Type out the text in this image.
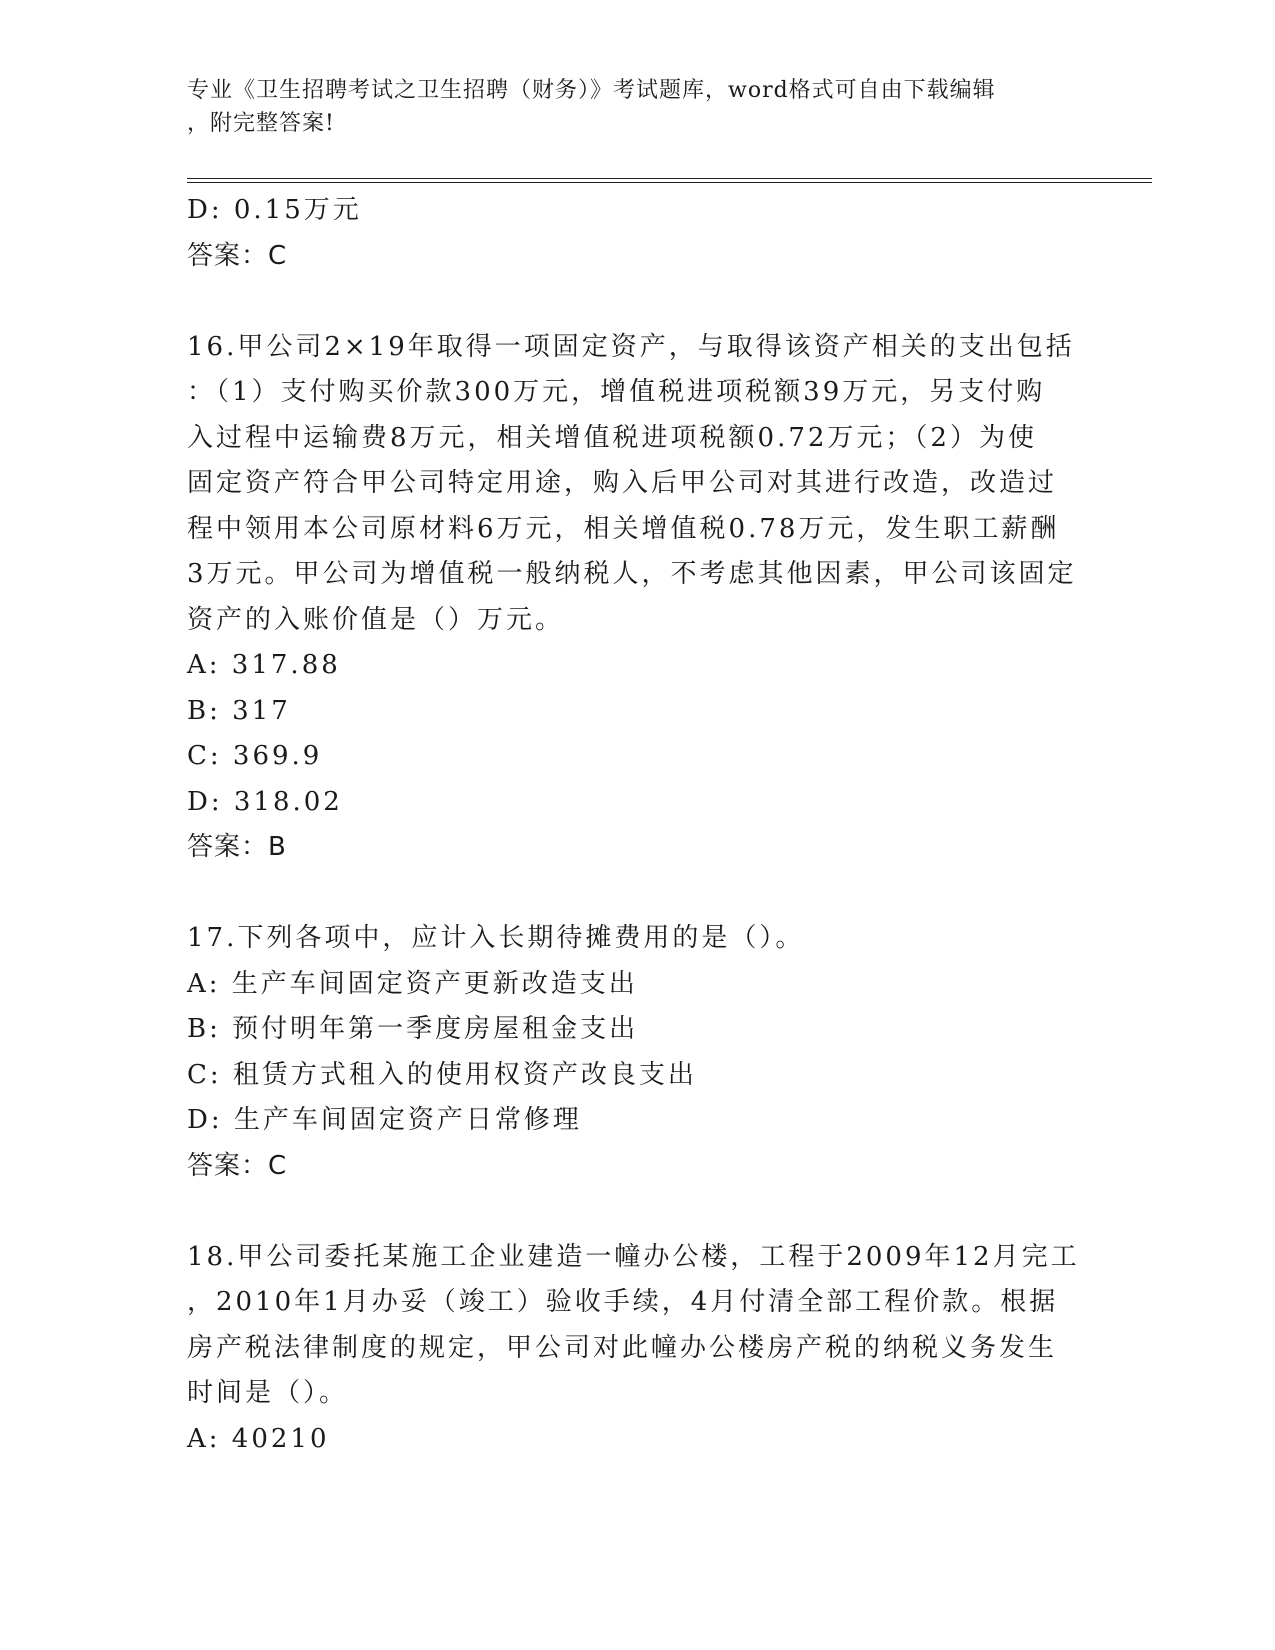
专业《卫生招聘考试之卫生招聘（财务）》考试题库，word格式可自由下载编辑
，附完整答案!
D: 0.15万元
答案：C
16.甲公司2×19年取得一项固定资产，与取得该资产相关的支出包括
：（1）支付购买价款300万元，增值税进项税额39万元，另支付购
入过程中运输费8万元，相关增值税进项税额0.72万元；（2）为使
固定资产符合甲公司特定用途，购入后甲公司对其进行改造，改造过
程中领用本公司原材料6万元，相关增值税0.78万元，发生职工薪酬
3万元。甲公司为增值税一般纳税人，不考虑其他因素，甲公司该固定
资产的入账价值是（）万元。
A: 317.88
B: 317
C: 369.9
D: 318.02
答案：B
17.下列各项中，应计入长期待摊费用的是（）。
A: 生产车间固定资产更新改造支出
B: 预付明年第一季度房屋租金支出
C: 租赁方式租入的使用权资产改良支出
D: 生产车间固定资产日常修理
答案：C
18.甲公司委托某施工企业建造一幢办公楼，工程于2009年12月完工
，2010年1月办妥（竣工）验收手续，4月付清全部工程价款。根据
房产税法律制度的规定，甲公司对此幢办公楼房产税的纳税义务发生
时间是（）。
A: 40210
